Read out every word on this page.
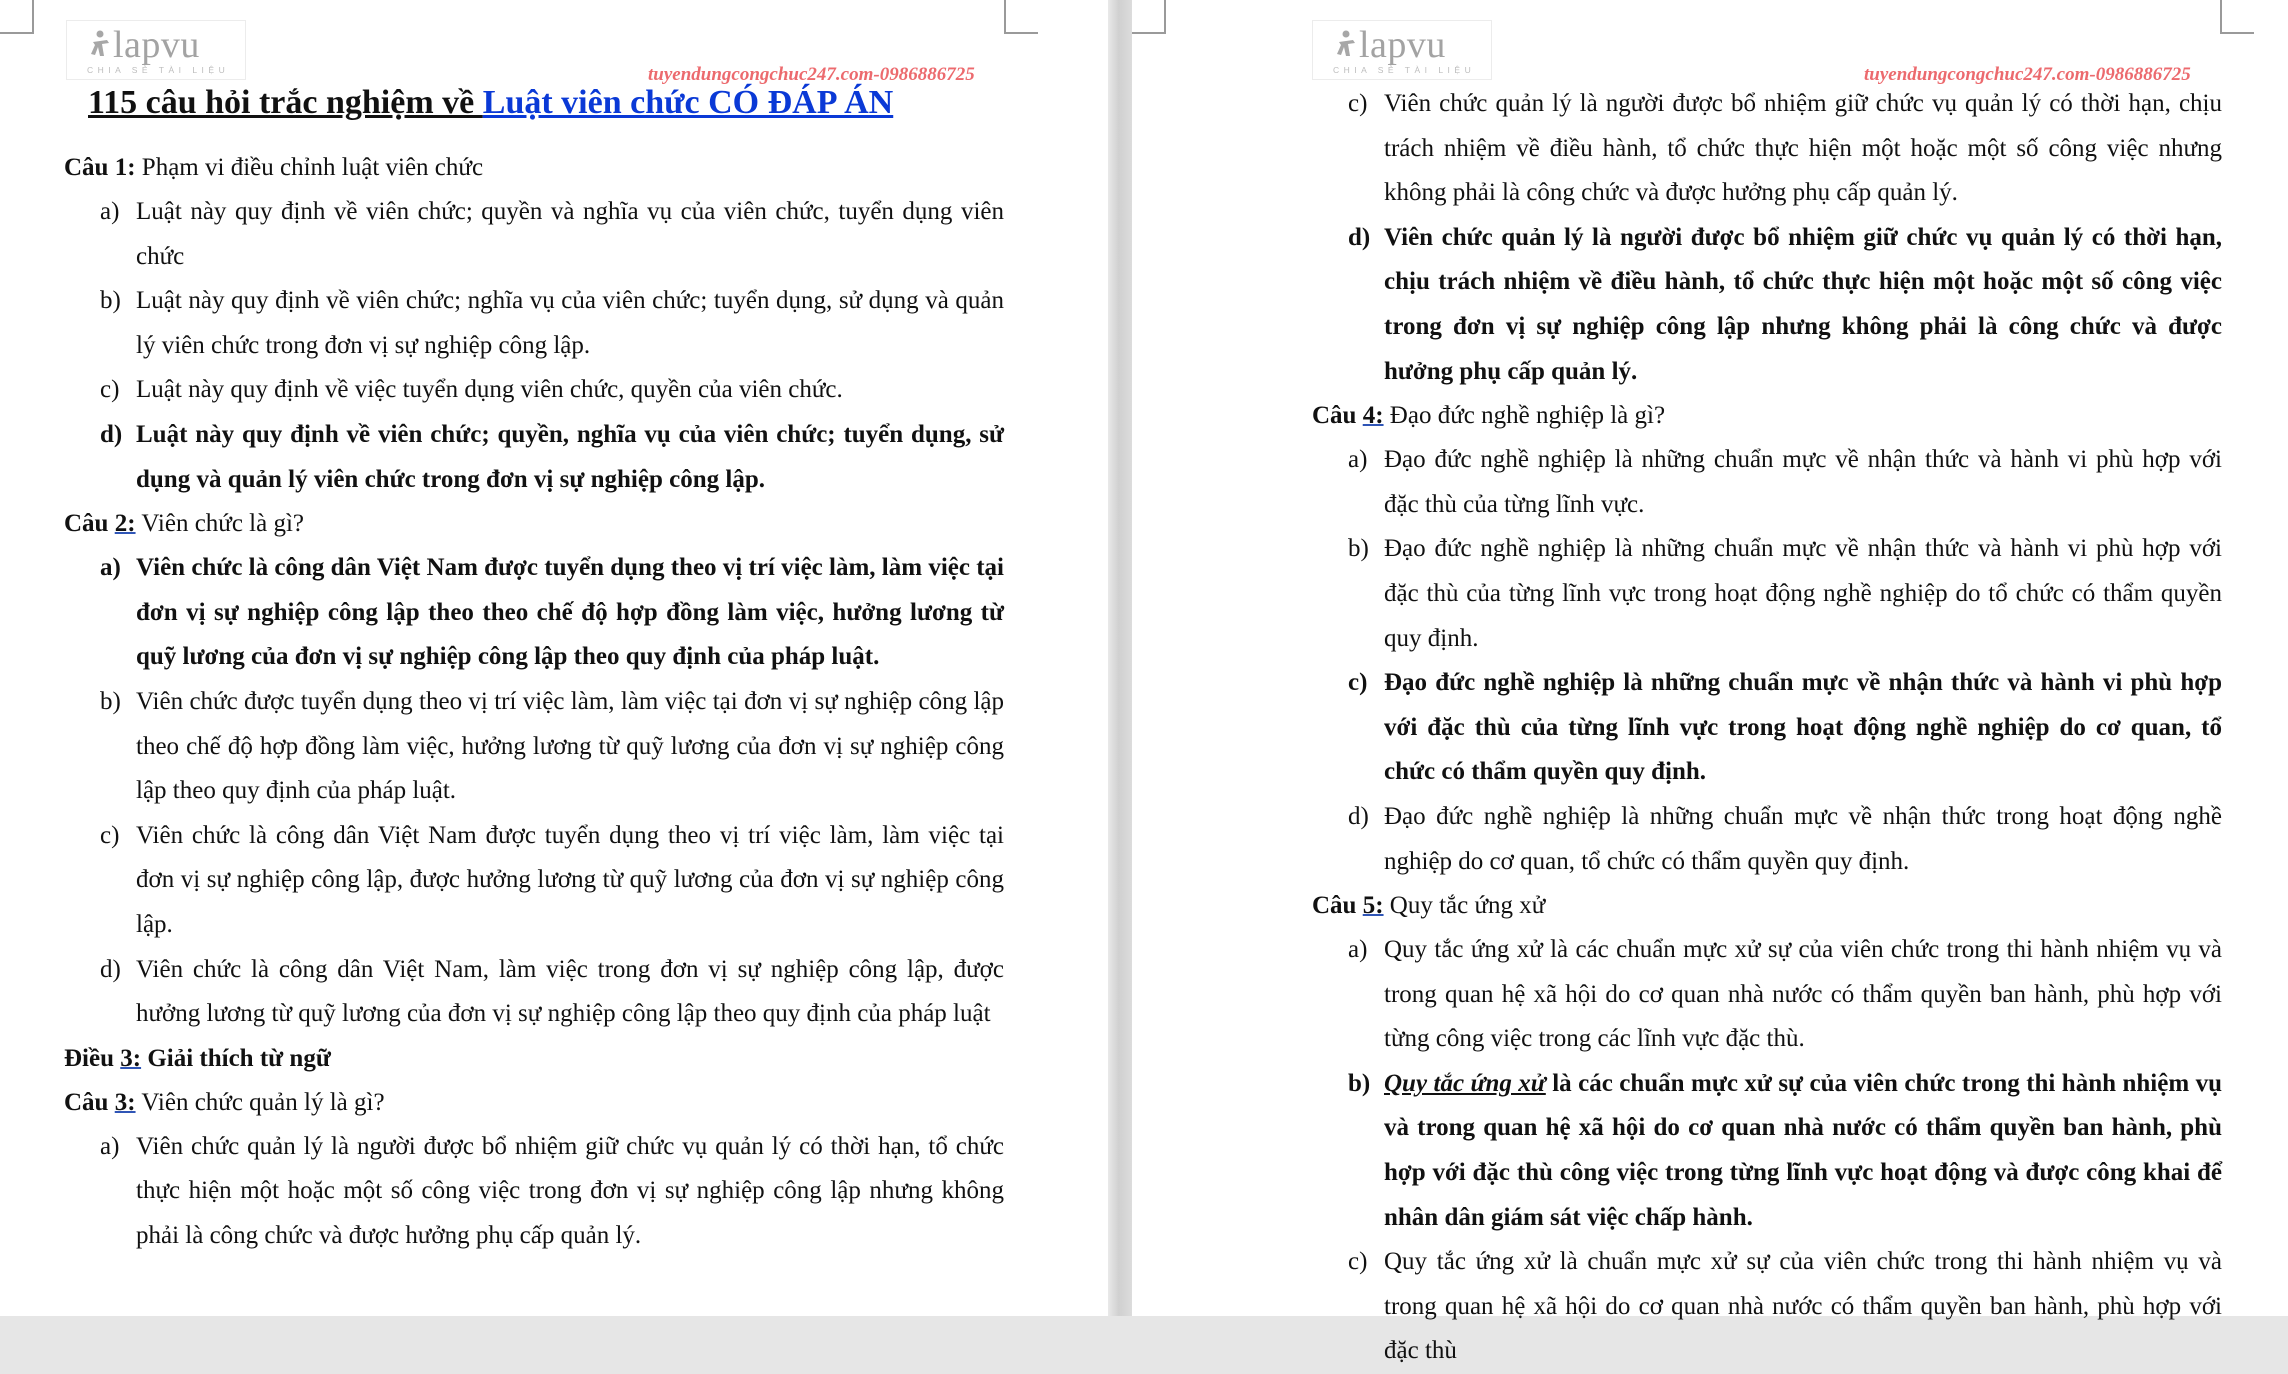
lapvu
CHIA SẺ TÀI LIỆU	tuyendungcongchuc247.com-0986886725
115 câu hỏi trắc nghiệm về Luật viên chức CÓ ĐÁP ÁN
Câu 1: Phạm vi điều chỉnh luật viên chức
a) Luật này quy định về viên chức; quyền và nghĩa vụ của viên chức, tuyển dụng viên chức
b) Luật này quy định về viên chức; nghĩa vụ của viên chức; tuyển dụng, sử dụng và quản lý viên chức trong đơn vị sự nghiệp công lập.
c) Luật này quy định về việc tuyển dụng viên chức, quyền của viên chức.
d) Luật này quy định về viên chức; quyền, nghĩa vụ của viên chức; tuyển dụng, sử dụng và quản lý viên chức trong đơn vị sự nghiệp công lập.
Câu 2: Viên chức là gì?
a) Viên chức là công dân Việt Nam được tuyển dụng theo vị trí việc làm, làm việc tại đơn vị sự nghiệp công lập theo theo chế độ hợp đồng làm việc, hưởng lương từ quỹ lương của đơn vị sự nghiệp công lập theo quy định của pháp luật.
b) Viên chức được tuyển dụng theo vị trí việc làm, làm việc tại đơn vị sự nghiệp công lập theo chế độ hợp đồng làm việc, hưởng lương từ quỹ lương của đơn vị sự nghiệp công lập theo quy định của pháp luật.
c) Viên chức là công dân Việt Nam được tuyển dụng theo vị trí việc làm, làm việc tại đơn vị sự nghiệp công lập, được hưởng lương từ quỹ lương của đơn vị sự nghiệp công lập.
d) Viên chức là công dân Việt Nam, làm việc trong đơn vị sự nghiệp công lập, được hưởng lương từ quỹ lương của đơn vị sự nghiệp công lập theo quy định của pháp luật
Điều 3: Giải thích từ ngữ
Câu 3: Viên chức quản lý là gì?
a) Viên chức quản lý là người được bổ nhiệm giữ chức vụ quản lý có thời hạn, tổ chức thực hiện một hoặc một số công việc trong đơn vị sự nghiệp công lập nhưng không phải là công chức và được hưởng phụ cấp quản lý.
lapvu
CHIA SẺ TÀI LIỆU	tuyendungcongchuc247.com-0986886725
c) Viên chức quản lý là người được bổ nhiệm giữ chức vụ quản lý có thời hạn, chịu trách nhiệm về điều hành, tổ chức thực hiện một hoặc một số công việc nhưng không phải là công chức và được hưởng phụ cấp quản lý.
d) Viên chức quản lý là người được bổ nhiệm giữ chức vụ quản lý có thời hạn, chịu trách nhiệm về điều hành, tổ chức thực hiện một hoặc một số công việc trong đơn vị sự nghiệp công lập nhưng không phải là công chức và được hưởng phụ cấp quản lý.
Câu 4: Đạo đức nghề nghiệp là gì?
a) Đạo đức nghề nghiệp là những chuẩn mực về nhận thức và hành vi phù hợp với đặc thù của từng lĩnh vực.
b) Đạo đức nghề nghiệp là những chuẩn mực về nhận thức và hành vi phù hợp với đặc thù của từng lĩnh vực trong hoạt động nghề nghiệp do tổ chức có thẩm quyền quy định.
c) Đạo đức nghề nghiệp là những chuẩn mực về nhận thức và hành vi phù hợp với đặc thù của từng lĩnh vực trong hoạt động nghề nghiệp do cơ quan, tổ chức có thẩm quyền quy định.
d) Đạo đức nghề nghiệp là những chuẩn mực về nhận thức trong hoạt động nghề nghiệp do cơ quan, tổ chức có thẩm quyền quy định.
Câu 5: Quy tắc ứng xử
a) Quy tắc ứng xử là các chuẩn mực xử sự của viên chức trong thi hành nhiệm vụ và trong quan hệ xã hội do cơ quan nhà nước có thẩm quyền ban hành, phù hợp với từng công việc trong các lĩnh vực đặc thù.
b) Quy tắc ứng xử là các chuẩn mực xử sự của viên chức trong thi hành nhiệm vụ và trong quan hệ xã hội do cơ quan nhà nước có thẩm quyền ban hành, phù hợp với đặc thù công việc trong từng lĩnh vực hoạt động và được công khai để nhân dân giám sát việc chấp hành.
c) Quy tắc ứng xử là chuẩn mực xử sự của viên chức trong thi hành nhiệm vụ và trong quan hệ xã hội do cơ quan nhà nước có thẩm quyền ban hành, phù hợp với đặc thù
